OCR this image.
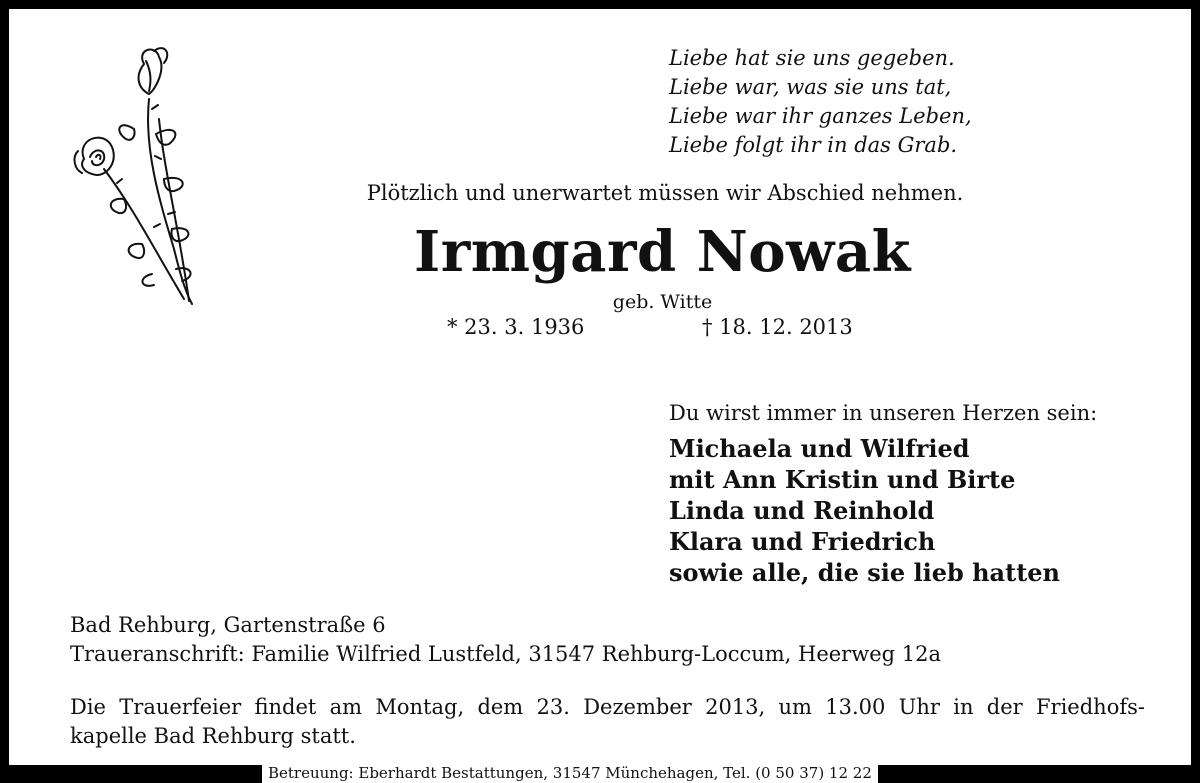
Liebe hat sie uns gegeben.
Liebe war, was sie uns tat,
Liebe war ihr ganzes Leben,
Liebe folgt ihr in das Grab.
Plötzlich und unerwartet müssen wir Abschied nehmen.
Irmgard Nowak
geb. Witte
* 23. 3. 1936	† 18. 12. 2013
Du wirst immer in unseren Herzen sein:
Michaela und Wilfried
mit Ann Kristin und Birte
Linda und Reinhold
Klara und Friedrich
sowie alle, die sie lieb hatten
Bad Rehburg, Gartenstraße 6
Traueranschrift: Familie Wilfried Lustfeld, 31547 Rehburg-Loccum, Heerweg 12a
Die Trauerfeier findet am Montag, dem 23. Dezember 2013, um 13.00 Uhr in der Friedhofs-
kapelle Bad Rehburg statt.
Betreuung: Eberhardt Bestattungen, 31547 Münchehagen, Tel. (0 50 37) 12 22
